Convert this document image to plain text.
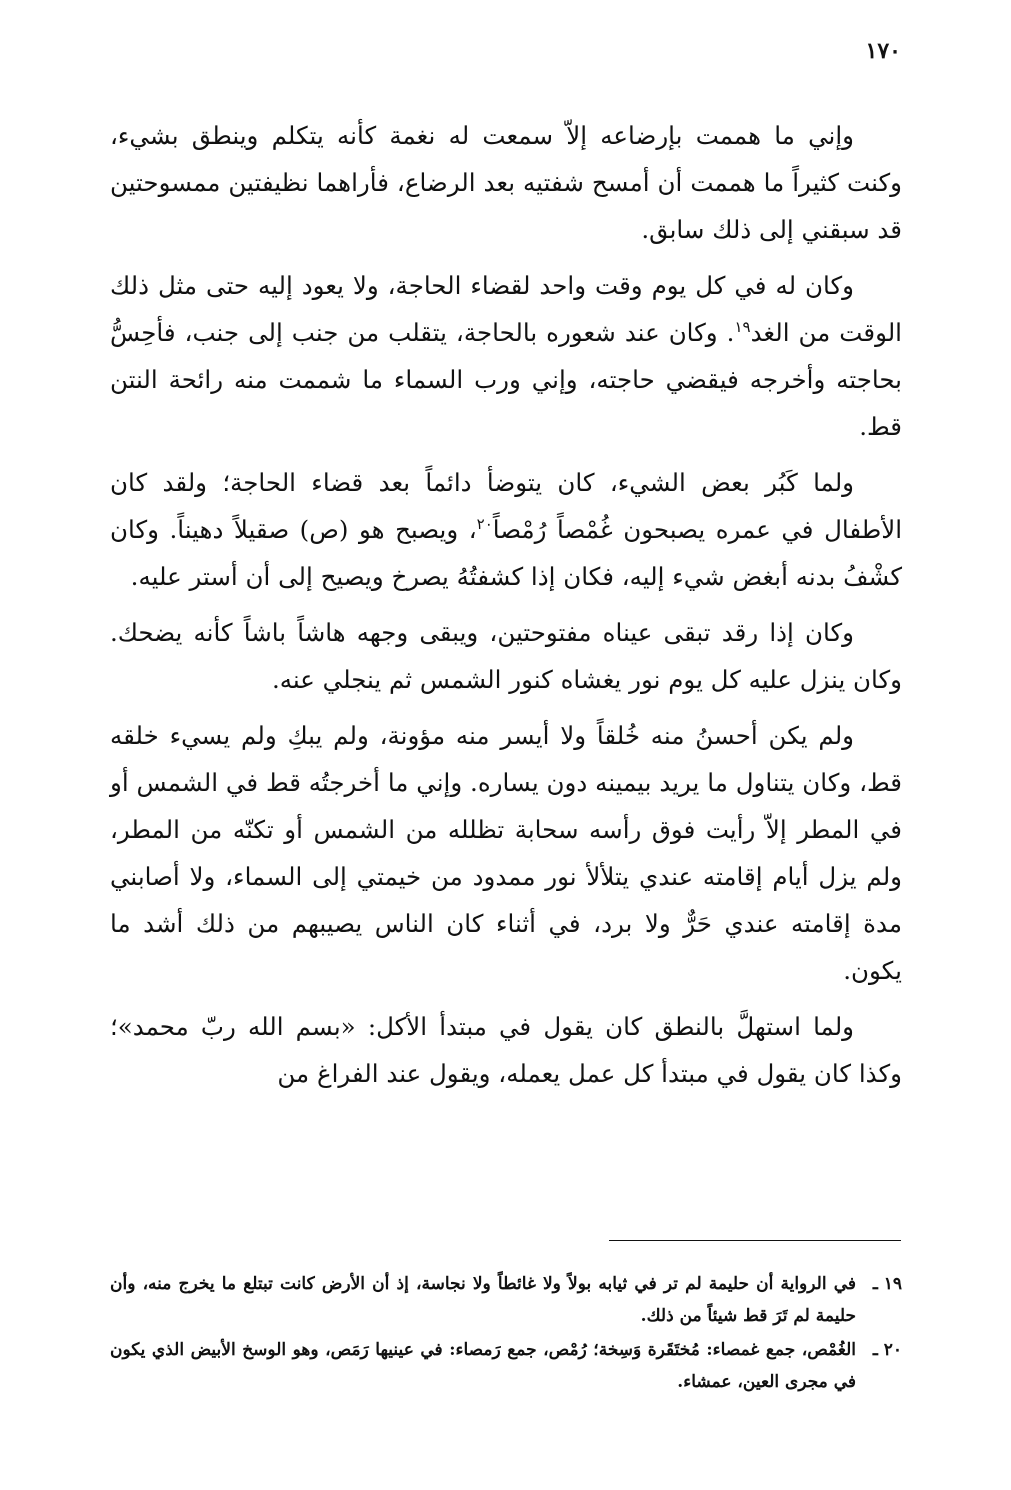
١٧٠

وإني ما هممت بإرضاعه إلاّ سمعت له نغمة كأنه يتكلم وينطق بشيء، وكنت كثيراً ما هممت أن أمسح شفتيه بعد الرضاع، فأراهما نظيفتين ممسوحتين قد سبقني إلى ذلك سابق.

وكان له في كل يوم وقت واحد لقضاء الحاجة، ولا يعود إليه حتى مثل ذلك الوقت من الغد$^{١٩}$. وكان عند شعوره بالحاجة، يتقلب من جنب إلى جنب، فأحِسُّ بحاجته وأخرجه فيقضي حاجته، وإني ورب السماء ما شممت منه رائحة النتن قط.

ولما كَبُر بعض الشيء، كان يتوضأ دائماً بعد قضاء الحاجة؛ ولقد كان الأطفال في عمره يصبحون غُمْصاً رُمْصاً$^{٢٠}$، ويصبح هو (ص) صقيلاً دهيناً. وكان كشْفُ بدنه أبغض شيء إليه، فكان إذا كشفتُهُ يصرخ ويصيح إلى أن أستر عليه.

وكان إذا رقد تبقى عيناه مفتوحتين، ويبقى وجهه هاشاً باشاً كأنه يضحك. وكان ينزل عليه كل يوم نور يغشاه كنور الشمس ثم ينجلي عنه.

ولم يكن أحسنُ منه خُلقاً ولا أيسر منه مؤونة، ولم يبكِ ولم يسيء خلقه قط، وكان يتناول ما يريد بيمينه دون يساره. وإني ما أخرجتُه قط في الشمس أو في المطر إلاّ رأيت فوق رأسه سحابة تظلله من الشمس أو تكنّه من المطر، ولم يزل أيام إقامته عندي يتلألأ نور ممدود من خيمتي إلى السماء، ولا أصابني مدة إقامته عندي حَرٌّ ولا برد، في أثناء كان الناس يصيبهم من ذلك أشد ما يكون.

ولما استهلَّ بالنطق كان يقول في مبتدأ الأكل: «بسم الله ربّ محمد»؛ وكذا كان يقول في مبتدأ كل عمل يعمله، ويقول عند الفراغ من

١٩ ـ
في الرواية أن حليمة لم تر في ثيابه بولاً ولا غائطاً ولا نجاسة، إذ أن الأرض كانت تبتلع ما يخرج منه، وأن حليمة لم تَرَ قط شيئاً من ذلك.
٢٠ ـ
الغُمْص، جمع غمصاء: مُختَقَرة وَسِخة؛ رُمْص، جمع رَمصاء: في عينيها رَمَص، وهو الوسخ الأبيض الذي يكون في مجرى العين، عمشاء.
